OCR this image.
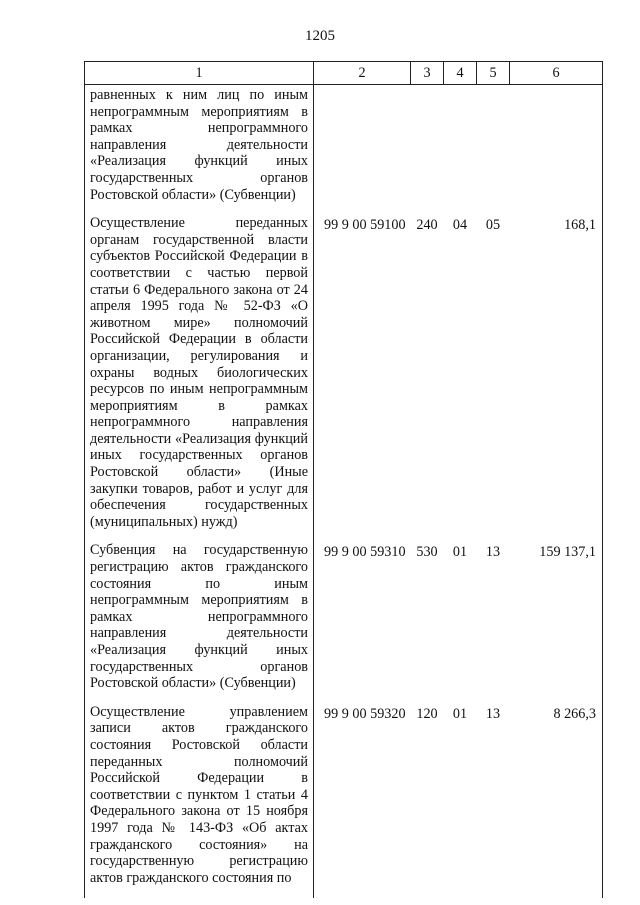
1205
1	2	3	4	5	6
равненных к ним лиц по иным непрограммным мероприятиям в рамках непрограммного направления деятельности «Реализация функций иных государственных органов Ростовской области» (Субвенции)					
Осуществление переданных органам государственной власти субъектов Российской Федерации в соответствии с частью первой статьи 6 Федерального закона от 24 апреля 1995 года № 52-ФЗ «О животном мире» полномочий Российской Федерации в области организации, регулирования и охраны водных биологических ресурсов по иным непрограммным мероприятиям в рамках непрограммного направления деятельности «Реализация функций иных государственных органов Ростовской области» (Иные закупки товаров, работ и услуг для обеспечения государственных (муниципальных) нужд)	99 9 00 59100	240	04	05	168,1
Субвенция на государственную регистрацию актов гражданского состояния по иным непрограммным мероприятиям в рамках непрограммного направления деятельности «Реализация функций иных государственных органов Ростовской области» (Субвенции)	99 9 00 59310	530	01	13	159 137,1
Осуществление управлением записи актов гражданского состояния Ростовской области переданных полномочий Российской Федерации в соответствии с пунктом 1 статьи 4 Федерального закона от 15 ноября 1997 года № 143-ФЗ «Об актах гражданского состояния» на государственную регистрацию актов гражданского состояния по	99 9 00 59320	120	01	13	8 266,3
